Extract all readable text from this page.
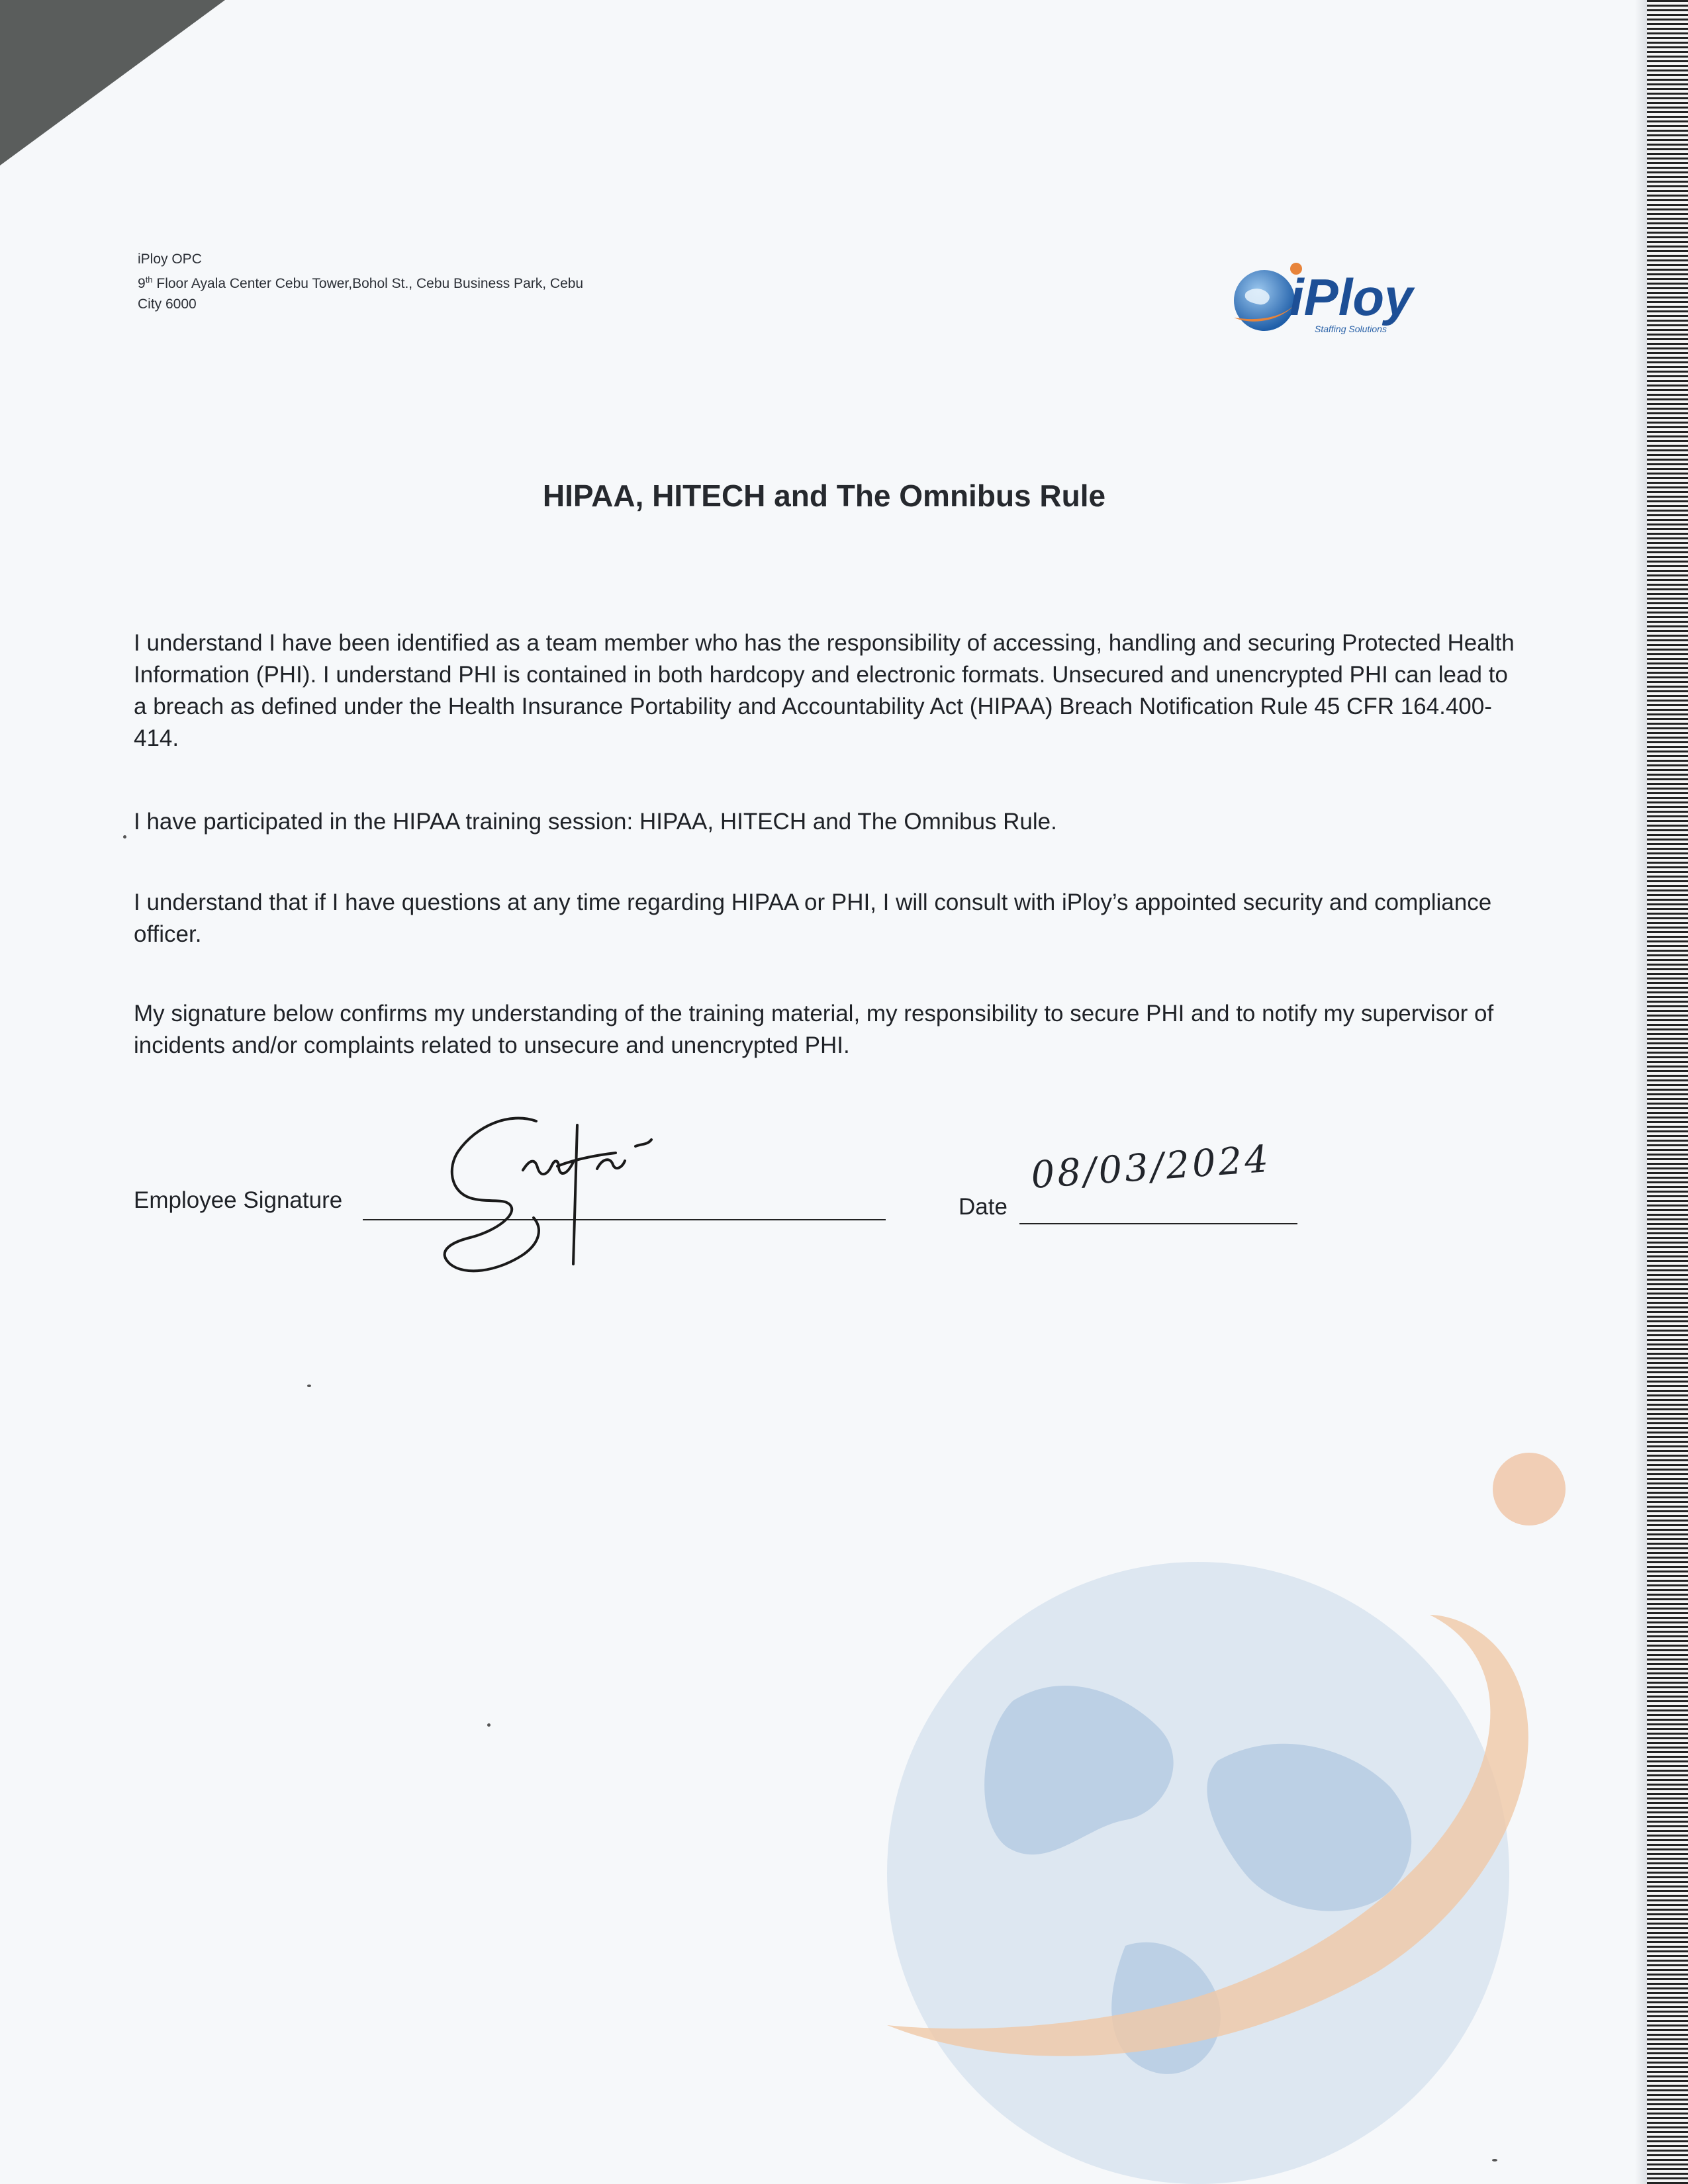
iPloy OPC
9th Floor Ayala Center Cebu Tower,Bohol St., Cebu Business Park, Cebu
City 6000	iPloy
Staffing Solutions
HIPAA, HITECH and The Omnibus Rule
I understand I have been identified as a team member who has the responsibility of accessing, handling and securing Protected Health Information (PHI). I understand PHI is contained in both hardcopy and electronic formats. Unsecured and unencrypted PHI can lead to a breach as defined under the Health Insurance Portability and Accountability Act (HIPAA) Breach Notification Rule 45 CFR 164.400-414.
I have participated in the HIPAA training session: HIPAA, HITECH and The Omnibus Rule.
I understand that if I have questions at any time regarding HIPAA or PHI, I will consult with iPloy’s appointed security and compliance officer.
My signature below confirms my understanding of the training material, my responsibility to secure PHI and to notify my supervisor of incidents and/or complaints related to unsecure and unencrypted PHI.
Employee Signature	Date
08/03/2024
